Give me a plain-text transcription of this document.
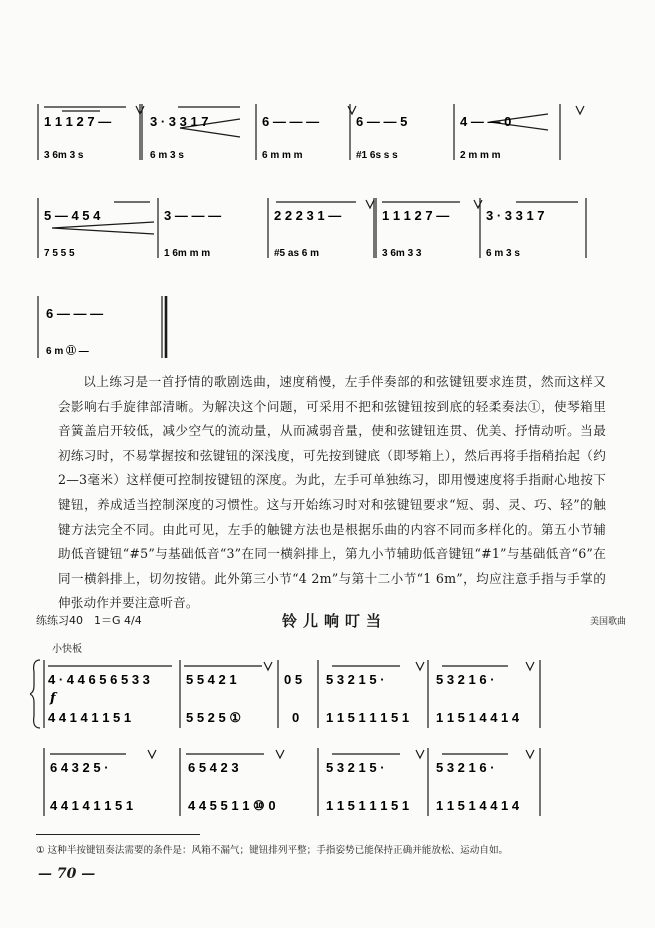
1 1 1 2 7 —
3 6m 3 s
3 · 3 3 1 7
6 m 3 s
6 — — —
6 m m m
6 — — 5
#1 6s s s
4 — — 0
2 m m m
5 — 4 5 4
7 5 5 5
3 — — —
1 6m m m
2 2 2 3 1 —
#5 as 6 m
1 1 1 2 7 —
3 6m 3 3
3 · 3 3 1 7
6 m 3 s
6 — — —
6 m ⑪ —

以上练习是一首抒情的歌剧选曲，速度稍慢，左手伴奏部的和弦键钮要求连贯，然而这样又会影响右手旋律部清晰。为解决这个问题，可采用不把和弦键钮按到底的轻柔奏法①，使琴箱里音簧盖启开较低，减少空气的流动量，从而减弱音量，使和弦键钮连贯、优美、抒情动听。当最初练习时，不易掌握按和弦键钮的深浅度，可先按到键底（即琴箱上），然后再将手指稍抬起（约2—3毫米）这样便可控制按键钮的深度。为此，左手可单独练习，即用慢速度将手指耐心地按下键钮，养成适当控制深度的习惯性。这与开始练习时对和弦键钮要求“短、弱、灵、巧、轻”的触键方法完全不同。由此可见，左手的触键方法也是根据乐曲的内容不同而多样化的。第五小节辅助低音键钮“#5”与基础低音“3”在同一横斜排上，第九小节辅助低音键钮“#1”与基础低音“6”在同一横斜排上，切勿按错。此外第三小节“4 2m”与第十二小节“1 6m”，均应注意手指与手掌的伸张动作并要注意听音。

练练习40　1＝G 4/4	铃儿响叮当	美国歌曲
小快板
4 · 4 4 6 5 6 5 3 3
f
4 4 1 4 1 1 5 1
5 5 4 2 1
5 5 2 5 ①
0 5
0
5 3 2 1 5 ·
1 1 5 1 1 1 5 1
5 3 2 1 6 ·
1 1 5 1 4 4 1 4
6 4 3 2 5 ·
4 4 1 4 1 1 5 1
6 5 4 2 3
4 4 5 5 1 1 ⑩ 0
5 3 2 1 5 ·
1 1 5 1 1 1 5 1
5 3 2 1 6 ·
1 1 5 1 4 4 1 4
① 这种半按键钮奏法需要的条件是：风箱不漏气；键钮排列平整；手指姿势已能保持正确并能放松、运动自如。
— 70 —
